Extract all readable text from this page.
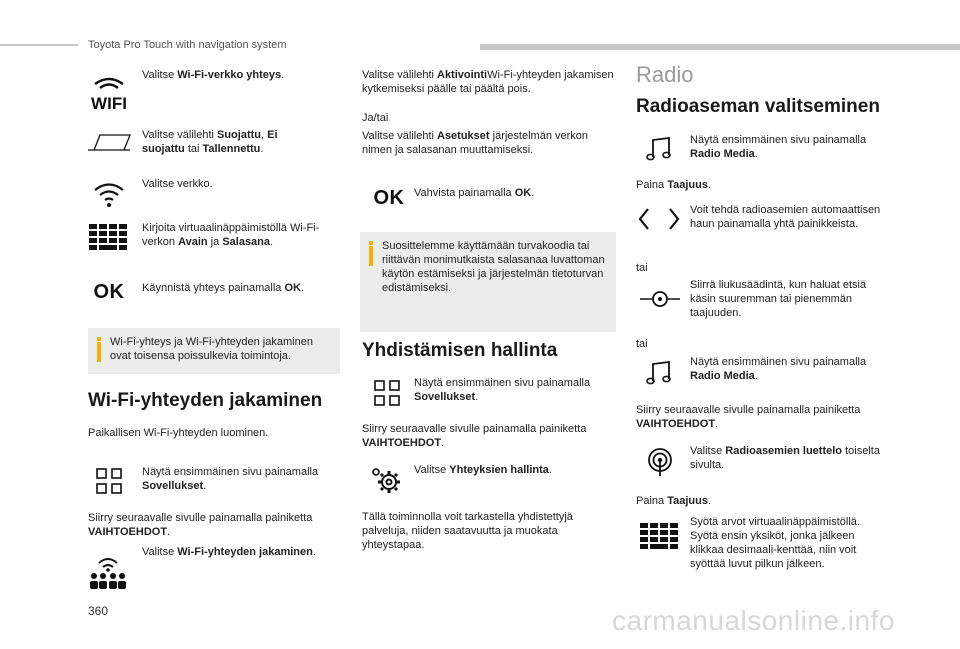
Toyota Pro Touch with navigation system
360	carmanualsonline.info
WIFI
Valitse Wi-Fi-verkko yhteys.
Valitse välilehti Suojattu, Ei suojattu tai Tallennettu.
Valitse verkko.
Kirjoita virtuaalinäppäimistöllä Wi-Fi-verkon Avain ja Salasana.
OK	Käynnistä yhteys painamalla OK.
Wi-Fi-yhteys ja Wi-Fi-yhteyden jakaminen ovat toisensa poissulkevia toimintoja.
Wi-Fi-yhteyden jakaminen
Paikallisen Wi-Fi-yhteyden luominen.
Näytä ensimmäinen sivu painamalla Sovellukset.
Siirry seuraavalle sivulle painamalla painiketta VAIHTOEHDOT.
Valitse Wi-Fi-yhteyden jakaminen.
Valitse välilehti AktivointiWi-Fi-yhteyden jakamisen kytkemiseksi päälle tai päältä pois.
Ja/tai
Valitse välilehti Asetukset järjestelmän verkon nimen ja salasanan muuttamiseksi.
OK Vahvista painamalla OK.
Suosittelemme käyttämään turvakoodia tai riittävän monimutkaista salasanaa luvattoman käytön estämiseksi ja järjestelmän tietoturvan edistämiseksi.
Yhdistämisen hallinta
Näytä ensimmäinen sivu painamalla Sovellukset.
Siirry seuraavalle sivulle painamalla painiketta VAIHTOEHDOT.
Valitse Yhteyksien hallinta.
Tällä toiminnolla voit tarkastella yhdistettyjä palveluja, niiden saatavuutta ja muokata yhteystapaa.
Radio
Radioaseman valitseminen
Näytä ensimmäinen sivu painamalla Radio Media.
Paina Taajuus.
Voit tehdä radioasemien automaattisen haun painamalla yhtä painikkeista.
tai
Siirrä liukusäädintä, kun haluat etsiä käsin suuremman tai pienemmän taajuuden.
tai
Näytä ensimmäinen sivu painamalla Radio Media.
Siirry seuraavalle sivulle painamalla painiketta VAIHTOEHDOT.
Valitse Radioasemien luettelo toiselta sivulta.
Paina Taajuus.
Syötä arvot virtuaalinäppäimistöllä. Syötä ensin yksiköt, jonka jälkeen klikkaa desimaali-kenttää, niin voit syöttää luvut pilkun jälkeen.
